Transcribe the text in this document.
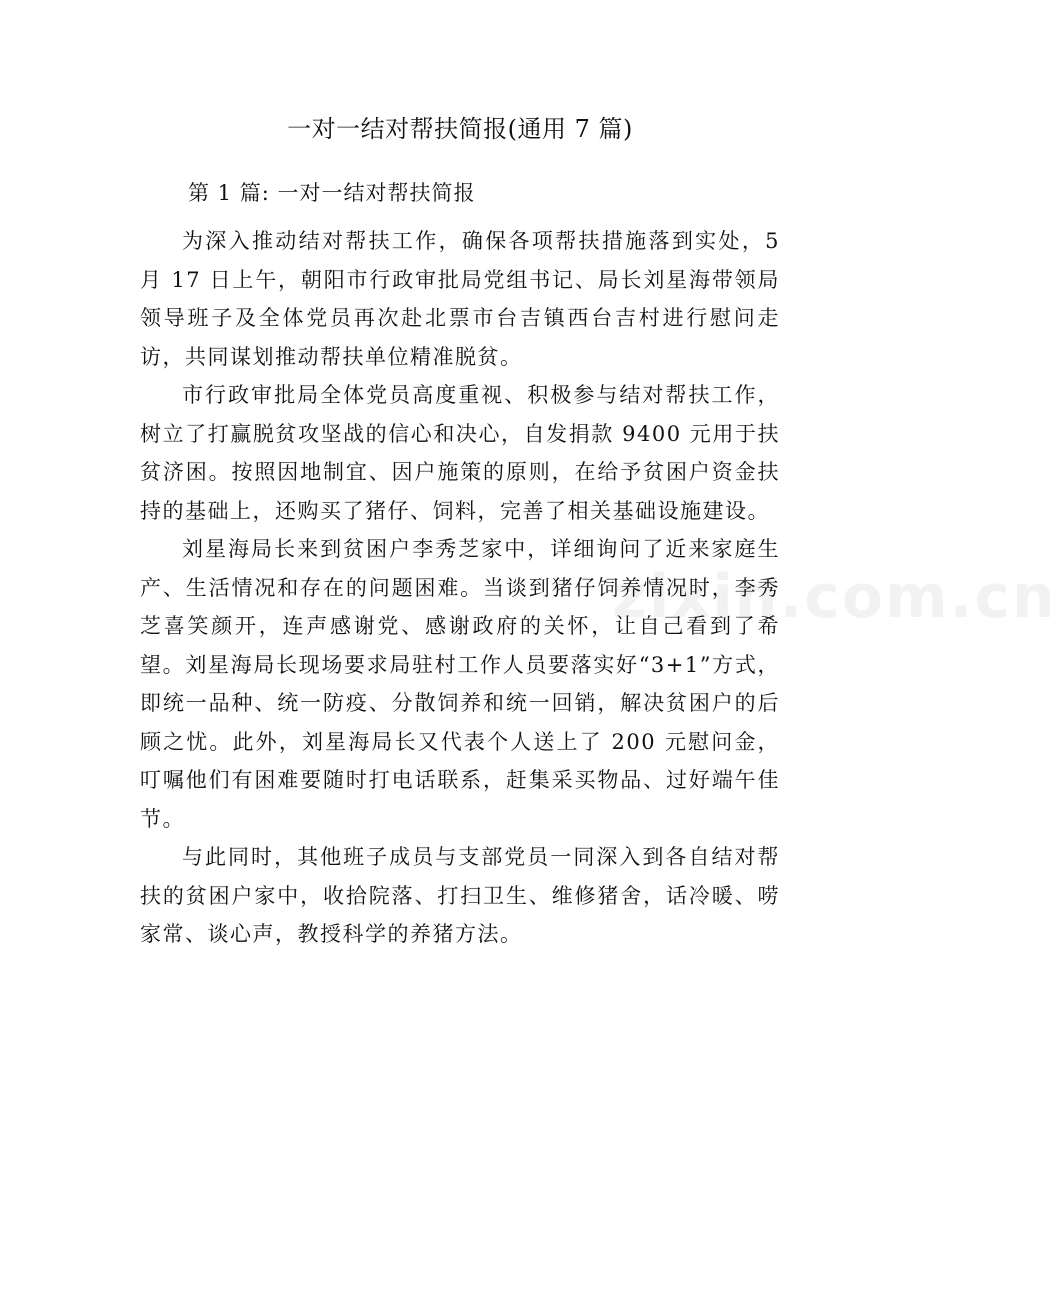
一对一结对帮扶简报(通用 7 篇)
第 1 篇: 一对一结对帮扶简报

为深入推动结对帮扶工作，确保各项帮扶措施落到实处，5 月 17 日上午，朝阳市行政审批局党组书记、局长刘星海带领局领导班子及全体党员再次赴北票市台吉镇西台吉村进行慰问走访，共同谋划推动帮扶单位精准脱贫。

市行政审批局全体党员高度重视、积极参与结对帮扶工作，树立了打赢脱贫攻坚战的信心和决心，自发捐款 9400 元用于扶贫济困。按照因地制宜、因户施策的原则，在给予贫困户资金扶持的基础上，还购买了猪仔、饲料，完善了相关基础设施建设。

刘星海局长来到贫困户李秀芝家中，详细询问了近来家庭生产、生活情况和存在的问题困难。当谈到猪仔饲养情况时，李秀芝喜笑颜开，连声感谢党、感谢政府的关怀，让自己看到了希望。刘星海局长现场要求局驻村工作人员要落实好“3+1”方式，即统一品种、统一防疫、分散饲养和统一回销，解决贫困户的后顾之忧。此外，刘星海局长又代表个人送上了 200 元慰问金，叮嘱他们有困难要随时打电话联系，赶集采买物品、过好端午佳节。

与此同时，其他班子成员与支部党员一同深入到各自结对帮扶的贫困户家中，收拾院落、打扫卫生、维修猪舍，话冷暖、唠家常、谈心声，教授科学的养猪方法。

zixin.com.cn
